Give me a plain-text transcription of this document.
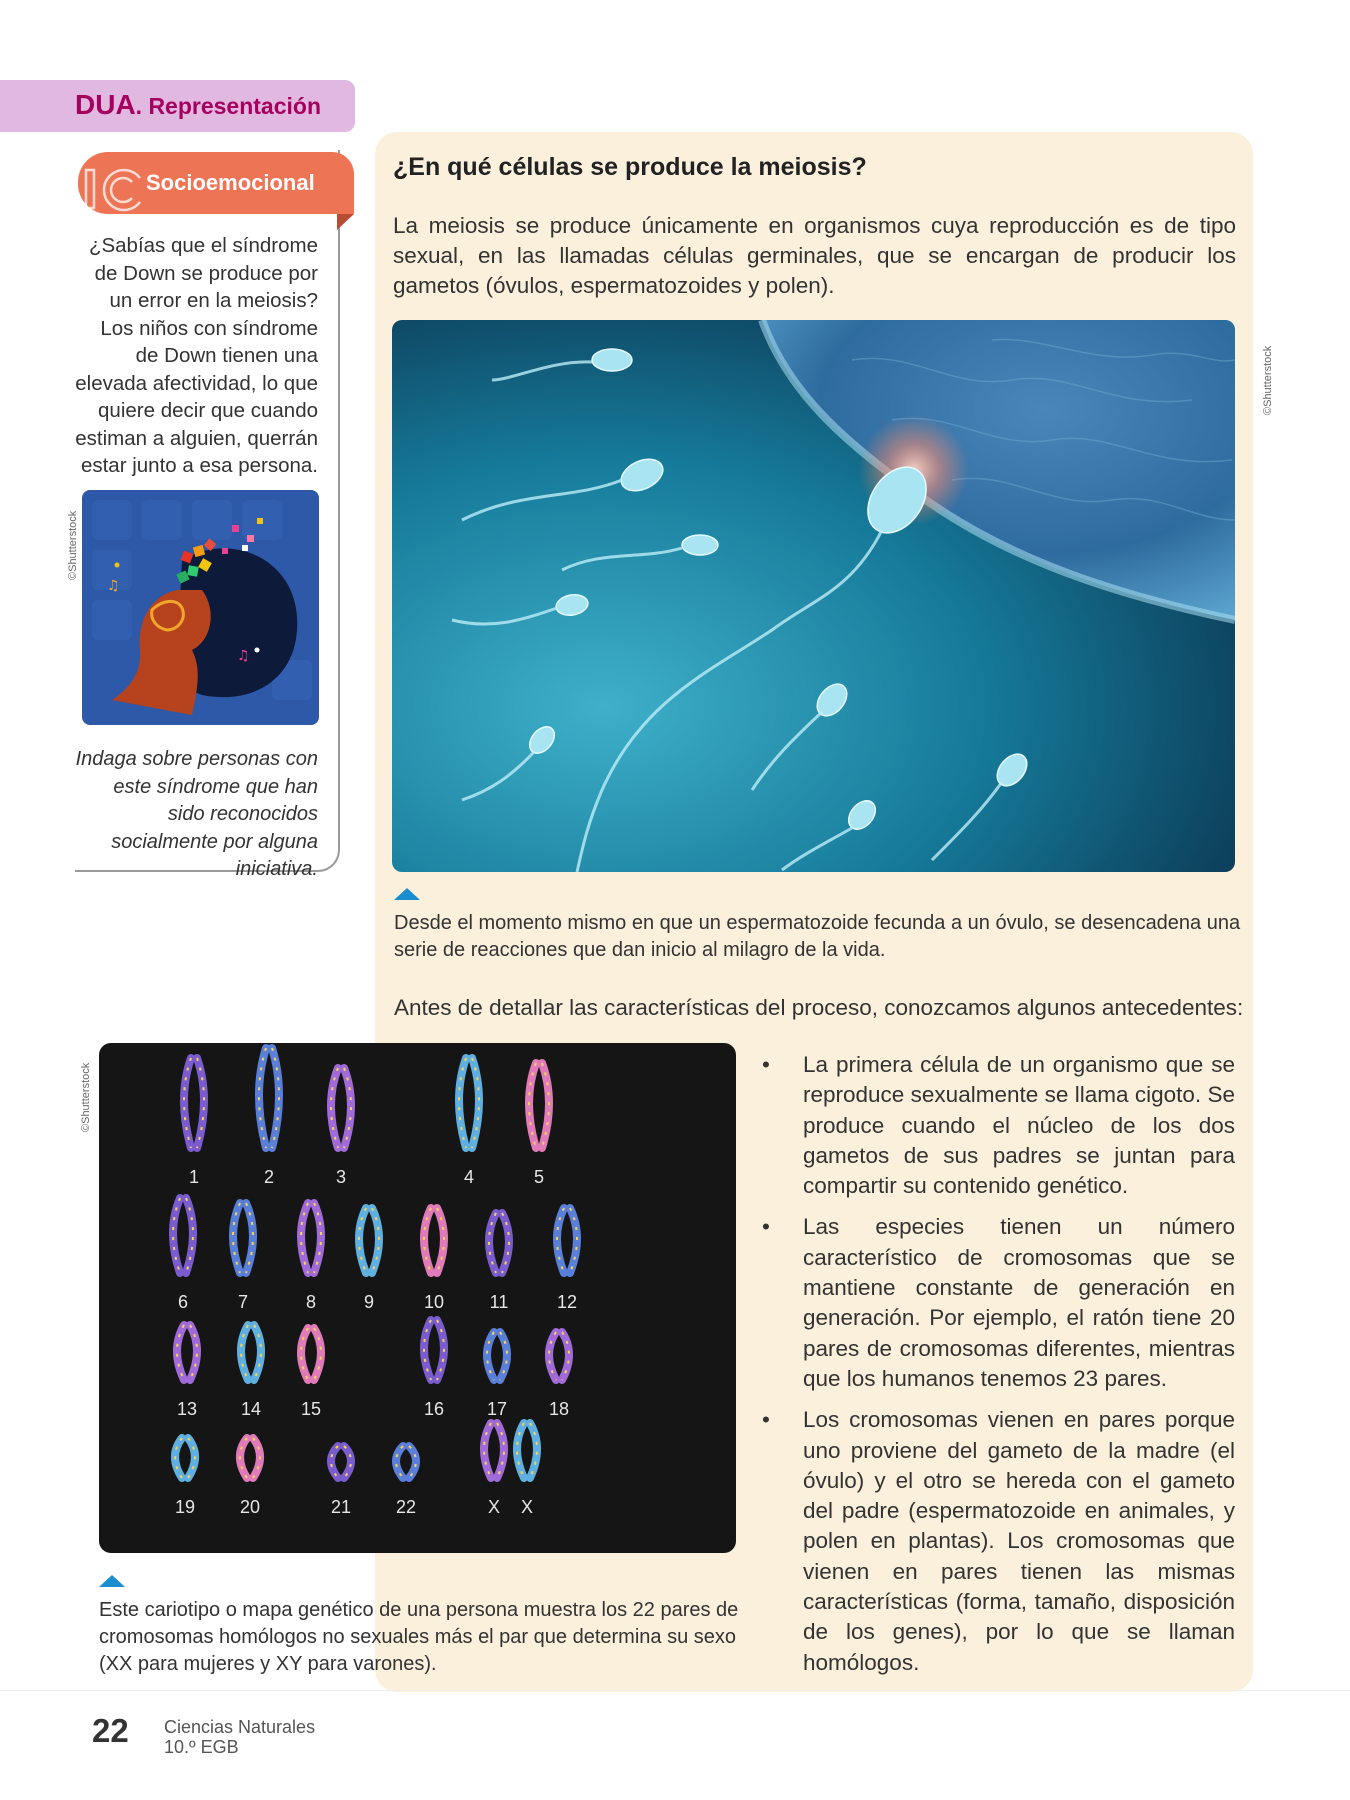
DUA. Representación
Socioemocional
¿Sabías que el síndrome de Down se produce por un error en la meiosis? Los niños con síndrome de Down tienen una elevada afectividad, lo que quiere decir que cuando estiman a alguien, querrán estar junto a esa persona.
♫
♫
Indaga sobre personas con este síndrome que han sido reconocidos socialmente por alguna iniciativa.
©Shutterstock
¿En qué células se produce la meiosis?
La meiosis se produce únicamente en organismos cuya reproducción es de tipo sexual, en las llamadas células germinales, que se encargan de producir los gametos (óvulos, espermatozoides y polen).
©Shutterstock
Desde el momento mismo en que un espermatozoide fecunda a un óvulo, se desencadena una serie de reacciones que dan inicio al milagro de la vida.
Antes de detallar las características del proceso, conozcamos algunos antecedentes:
1	2	3	4	5
6	7	8	9	10	11	12
13 14 15	16 17 18
19 20	21 22	X X
©Shutterstock
Este cariotipo o mapa genético de una persona muestra los 22 pares de cromosomas homólogos no sexuales más el par que determina su sexo (XX para mujeres y XY para varones).
• La primera célula de un organismo que se reproduce sexualmente se llama cigoto. Se produce cuando el núcleo de los dos gametos de sus padres se juntan para compartir su contenido genético.
• Las especies tienen un número característico de cromosomas que se mantiene constante de generación en generación. Por ejemplo, el ratón tiene 20 pares de cromosomas diferentes, mientras que los humanos tenemos 23 pares.
• Los cromosomas vienen en pares porque uno proviene del gameto de la madre (el óvulo) y el otro se hereda con el gameto del padre (espermatozoide en animales, y polen en plantas). Los cromosomas que vienen en pares tienen las mismas características (forma, tamaño, disposición de los genes), por lo que se llaman homólogos.
22 Ciencias Naturales
10.º EGB
